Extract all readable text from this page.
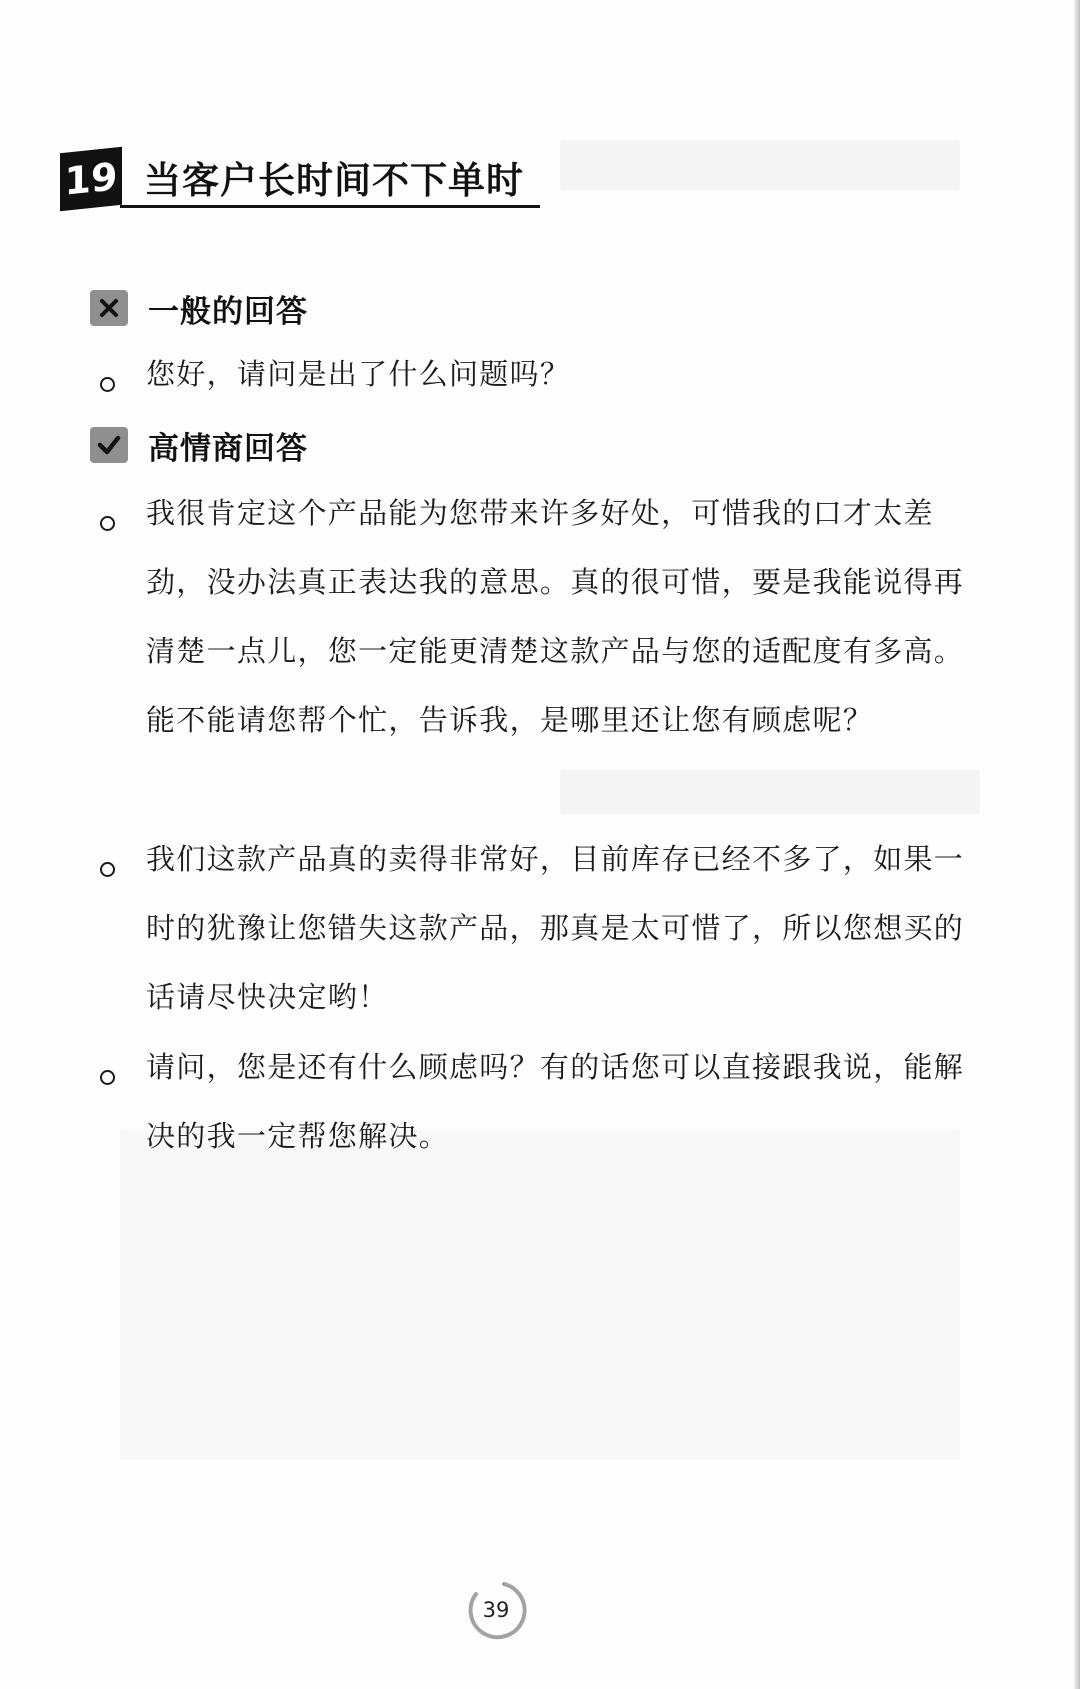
19 当客户长时间不下单时
一般的回答

您好，请问是出了什么问题吗？

高情商回答

我很肯定这个产品能为您带来许多好处，可惜我的口才太差劲，没办法真正表达我的意思。真的很可惜，要是我能说得再清楚一点儿，您一定能更清楚这款产品与您的适配度有多高。能不能请您帮个忙，告诉我，是哪里还让您有顾虑呢？

我们这款产品真的卖得非常好，目前库存已经不多了，如果一时的犹豫让您错失这款产品，那真是太可惜了，所以您想买的话请尽快决定哟！

请问，您是还有什么顾虑吗？有的话您可以直接跟我说，能解决的我一定帮您解决。

39
